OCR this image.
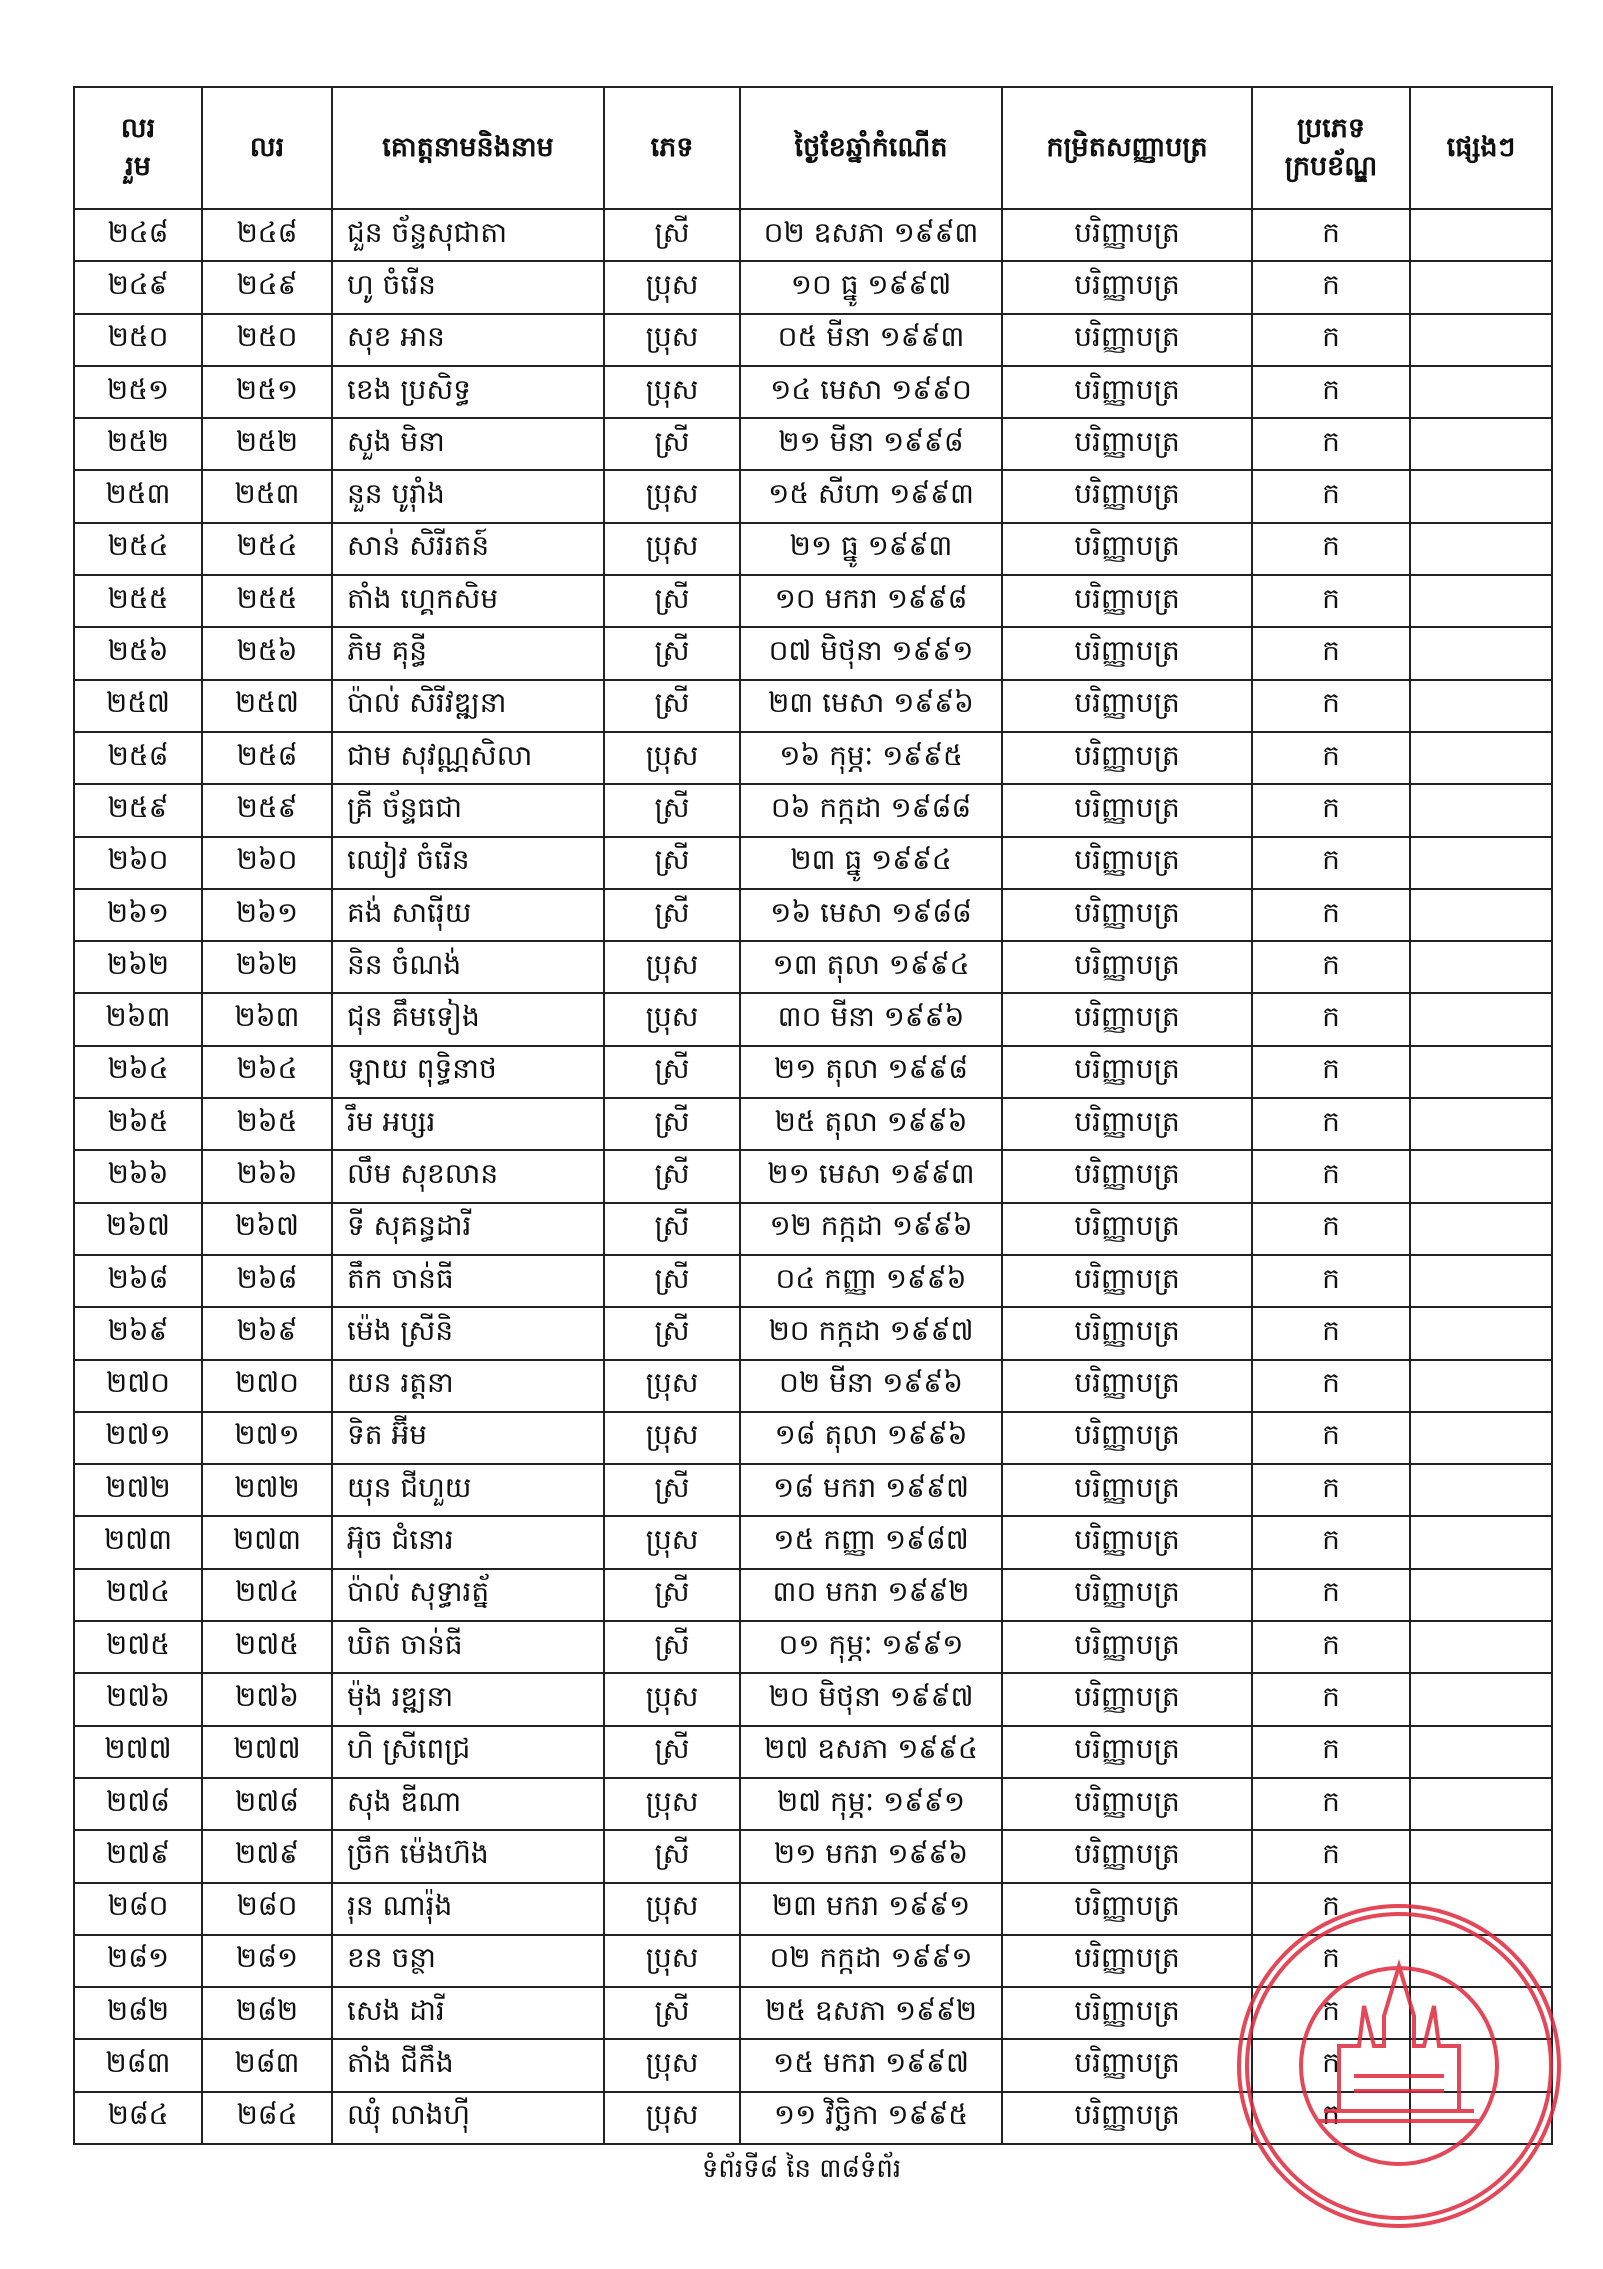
លរ
រួម	លរ	គោត្តនាមនិងនាម	ភេទ	ថ្ងៃខែឆ្នាំកំណើត	កម្រិតសញ្ញាបត្រ	ប្រភេទក្របខ័ណ្ឌ	ផ្សេងៗ
២៤៨	២៤៨	ជួន ច័ន្ទសុជាតា	ស្រី	០២ ឧសភា ១៩៩៣	បរិញ្ញាបត្រ	ក	
២៤៩	២៤៩	ហូ ចំរើន	ប្រុស	១០ ធ្នូ ១៩៩៧	បរិញ្ញាបត្រ	ក	
២៥០	២៥០	សុខ អាន	ប្រុស	០៥ មីនា ១៩៩៣	បរិញ្ញាបត្រ	ក	
២៥១	២៥១	ខេង ប្រសិទ្ធ	ប្រុស	១៤ មេសា ១៩៩០	បរិញ្ញាបត្រ	ក	
២៥២	២៥២	សួង មិនា	ស្រី	២១ មីនា ១៩៩៨	បរិញ្ញាបត្រ	ក	
២៥៣	២៥៣	នួន បូរ៉ាំង	ប្រុស	១៥ សីហា ១៩៩៣	បរិញ្ញាបត្រ	ក	
២៥៤	២៥៤	សាន់ សិរីរតន៍	ប្រុស	២១ ធ្នូ ១៩៩៣	បរិញ្ញាបត្រ	ក	
២៥៥	២៥៥	តាំង ហ្គេកសិម	ស្រី	១០ មករា ១៩៩៨	បរិញ្ញាបត្រ	ក	
២៥៦	២៥៦	ភិម គុន្ធី	ស្រី	០៧ មិថុនា ១៩៩១	បរិញ្ញាបត្រ	ក	
២៥៧	២៥៧	ប៉ាល់ សិរីវឌ្ឍនា	ស្រី	២៣ មេសា ១៩៩៦	បរិញ្ញាបត្រ	ក	
២៥៨	២៥៨	ជាម សុវណ្ណសិលា	ប្រុស	១៦ កុម្ភៈ ១៩៩៥	បរិញ្ញាបត្រ	ក	
២៥៩	២៥៩	គ្រី ច័ន្ទធជា	ស្រី	០៦ កក្កដា ១៩៨៨	បរិញ្ញាបត្រ	ក	
២៦០	២៦០	ឈៀវ ចំរើន	ស្រី	២៣ ធ្នូ ១៩៩៤	បរិញ្ញាបត្រ	ក	
២៦១	២៦១	គង់ សារ៉ើយ	ស្រី	១៦ មេសា ១៩៨៨	បរិញ្ញាបត្រ	ក	
២៦២	២៦២	និន ចំណង់	ប្រុស	១៣ តុលា ១៩៩៤	បរិញ្ញាបត្រ	ក	
២៦៣	២៦៣	ជុន គឹមទៀង	ប្រុស	៣០ មីនា ១៩៩៦	បរិញ្ញាបត្រ	ក	
២៦៤	២៦៤	ឡាយ ពុទ្ធិនាថ	ស្រី	២១ តុលា ១៩៩៨	បរិញ្ញាបត្រ	ក	
២៦៥	២៦៥	រឹម អប្សរ	ស្រី	២៥ តុលា ១៩៩៦	បរិញ្ញាបត្រ	ក	
២៦៦	២៦៦	លឹម សុខលាន	ស្រី	២១ មេសា ១៩៩៣	បរិញ្ញាបត្រ	ក	
២៦៧	២៦៧	ទី សុគន្ធដារី	ស្រី	១២ កក្កដា ១៩៩៦	បរិញ្ញាបត្រ	ក	
២៦៨	២៦៨	តឹក ចាន់ធី	ស្រី	០៤ កញ្ញា ១៩៩៦	បរិញ្ញាបត្រ	ក	
២៦៩	២៦៩	ម៉េង ស្រីនិ	ស្រី	២០ កក្កដា ១៩៩៧	បរិញ្ញាបត្រ	ក	
២៧០	២៧០	យន រត្តនា	ប្រុស	០២ មីនា ១៩៩៦	បរិញ្ញាបត្រ	ក	
២៧១	២៧១	ទិត អ៊ីម	ប្រុស	១៨ តុលា ១៩៩៦	បរិញ្ញាបត្រ	ក	
២៧២	២៧២	យុន ជីហួយ	ស្រី	១៨ មករា ១៩៩៧	បរិញ្ញាបត្រ	ក	
២៧៣	២៧៣	អ៊ុច ជំនោរ	ប្រុស	១៥ កញ្ញា ១៩៨៧	បរិញ្ញាបត្រ	ក	
២៧៤	២៧៤	ប៉ាល់ សុទ្ធារត្ន័	ស្រី	៣០ មករា ១៩៩២	បរិញ្ញាបត្រ	ក	
២៧៥	២៧៥	ឃិត ចាន់ធី	ស្រី	០១ កុម្ភៈ ១៩៩១	បរិញ្ញាបត្រ	ក	
២៧៦	២៧៦	ម៉ុង រឌ្ឍនា	ប្រុស	២០ មិថុនា ១៩៩៧	បរិញ្ញាបត្រ	ក	
២៧៧	២៧៧	ហិ ស្រីពេជ្រ	ស្រី	២៧ ឧសភា ១៩៩៤	បរិញ្ញាបត្រ	ក	
២៧៨	២៧៨	សុង ឌីណា	ប្រុស	២៧ កុម្ភៈ ១៩៩១	បរិញ្ញាបត្រ	ក	
២៧៩	២៧៩	ច្រឹក ម៉េងហ៊ង	ស្រី	២១ មករា ១៩៩៦	បរិញ្ញាបត្រ	ក	
២៨០	២៨០	រុន ណារ៉ុង	ប្រុស	២៣ មករា ១៩៩១	បរិញ្ញាបត្រ	ក	
២៨១	២៨១	ខន ចន្ថា	ប្រុស	០២ កក្កដា ១៩៩១	បរិញ្ញាបត្រ	ក	
២៨២	២៨២	សេង ដារី	ស្រី	២៥ ឧសភា ១៩៩២	បរិញ្ញាបត្រ	ក	
២៨៣	២៨៣	តាំង ជីកឹង	ប្រុស	១៥ មករា ១៩៩៧	បរិញ្ញាបត្រ	ក	
២៨៤	២៨៤	ឈុំ លាងហ៊ី	ប្រុស	១១ វិច្ឆិកា ១៩៩៥	បរិញ្ញាបត្រ	ក	
ទំព័រទី៨ នៃ ៣៨ទំព័រ
